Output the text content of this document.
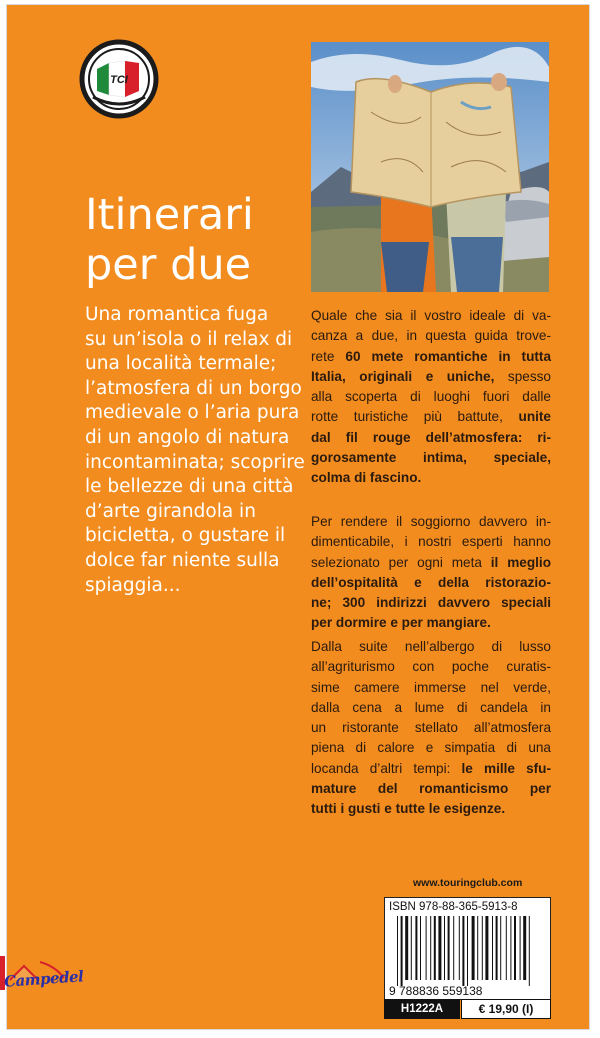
TCI
Itinerari
per due
Una romantica fuga
su un’isola o il relax di
una località termale;
l’atmosfera di un borgo
medievale o l’aria pura
di un angolo di natura
incontaminata; scoprire
le bellezze di una città
d’arte girandola in
bicicletta, o gustare il
dolce far niente sulla
spiaggia...
Quale che sia il vostro ideale di va-
canza a due, in questa guida trove-
rete 60 mete romantiche in tutta
Italia, originali e uniche, spesso
alla scoperta di luoghi fuori dalle
rotte turistiche più battute, unite
dal fil rouge dell’atmosfera: ri-
gorosamente intima, speciale,
colma di fascino.
Per rendere il soggiorno davvero in-
dimenticabile, i nostri esperti hanno
selezionato per ogni meta il meglio
dell’ospitalità e della ristorazio-
ne; 300 indirizzi davvero speciali
per dormire e per mangiare.
Dalla suite nell’albergo di lusso
all’agriturismo con poche curatis-
sime camere immerse nel verde,
dalla cena a lume di candela in
un ristorante stellato all’atmosfera
piena di calore e simpatia di una
locanda d’altri tempi: le mille sfu-
mature del romanticismo per
tutti i gusti e tutte le esigenze.
www.touringclub.com
ISBN 978-88-365-5913-8
9 788836 559138
H1222A	€ 19,90 (I)
Campedel
